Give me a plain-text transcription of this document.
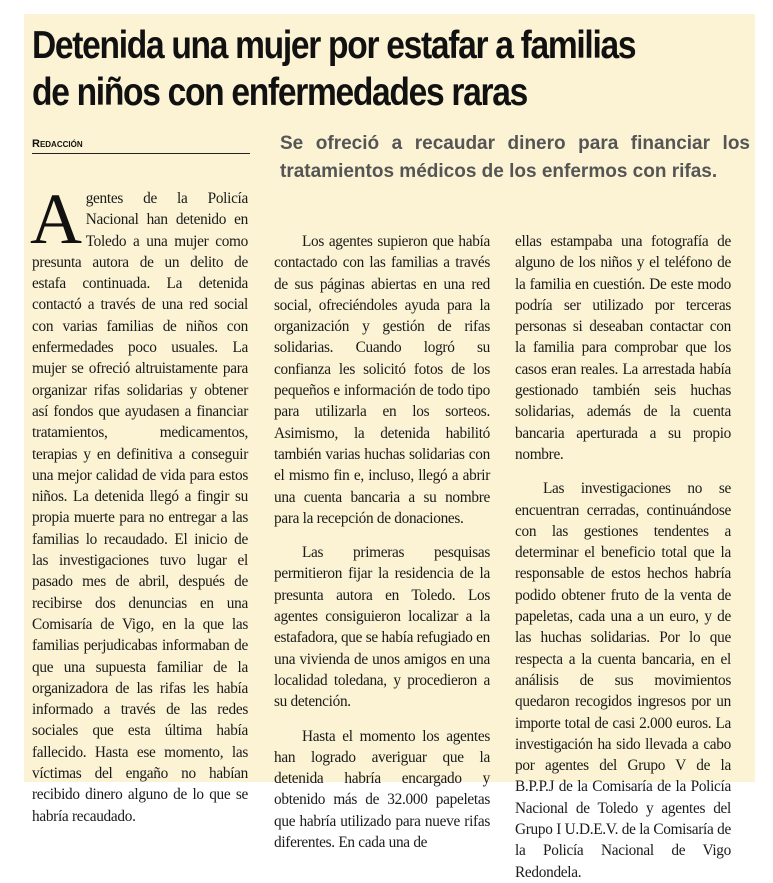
Detenida una mujer por estafar a familias
de niños con enfermedades raras
Redacción	Se ofreció a recaudar dinero para financiar los tratamientos médicos de los enfermos con rifas.

Agentes de la Policía Nacional han detenido en Toledo a una mujer como presunta autora de un delito de estafa continuada. La detenida contactó a través de una red social con varias familias de niños con enfermedades poco usuales. La mujer se ofreció altruistamente para organizar rifas solidarias y obtener así fondos que ayudasen a financiar tratamientos, medicamentos, terapias y en definitiva a conseguir una mejor calidad de vida para estos niños. La detenida llegó a fingir su propia muerte para no entregar a las familias lo recaudado. El inicio de las investigaciones tuvo lugar el pasado mes de abril, después de recibirse dos denuncias en una Comisaría de Vigo, en la que las familias perjudicabas informaban de que una supuesta familiar de la organizadora de las rifas les había informado a través de las redes sociales que esta última había fallecido. Hasta ese momento, las víctimas del engaño no habían recibido dinero alguno de lo que se habría recaudado.

Los agentes supieron que había contactado con las familias a través de sus páginas abiertas en una red social, ofreciéndoles ayuda para la organización y gestión de rifas solidarias. Cuando logró su confianza les solicitó fotos de los pequeños e información de todo tipo para utilizarla en los sorteos. Asimismo, la detenida habilitó también varias huchas solidarias con el mismo fin e, incluso, llegó a abrir una cuenta bancaria a su nombre para la recepción de donaciones.

Las primeras pesquisas permitieron fijar la residencia de la presunta autora en Toledo. Los agentes consiguieron localizar a la estafadora, que se había refugiado en una vivienda de unos amigos en una localidad toledana, y procedieron a su detención.

Hasta el momento los agentes han logrado averiguar que la detenida habría encargado y obtenido más de 32.000 papeletas que habría utilizado para nueve rifas diferentes. En cada una de

ellas estampaba una fotografía de alguno de los niños y el teléfono de la familia en cuestión. De este modo podría ser utilizado por terceras personas si deseaban contactar con la familia para comprobar que los casos eran reales. La arrestada había gestionado también seis huchas solidarias, además de la cuenta bancaria aperturada a su propio nombre.

Las investigaciones no se encuentran cerradas, continuándose con las gestiones tendentes a determinar el beneficio total que la responsable de estos hechos habría podido obtener fruto de la venta de papeletas, cada una a un euro, y de las huchas solidarias. Por lo que respecta a la cuenta bancaria, en el análisis de sus movimientos quedaron recogidos ingresos por un importe total de casi 2.000 euros. La investigación ha sido llevada a cabo por agentes del Grupo V de la B.P.P.J de la Comisaría de la Policía Nacional de Toledo y agentes del Grupo I U.D.E.V. de la Comisaría de la Policía Nacional de Vigo Redondela.
